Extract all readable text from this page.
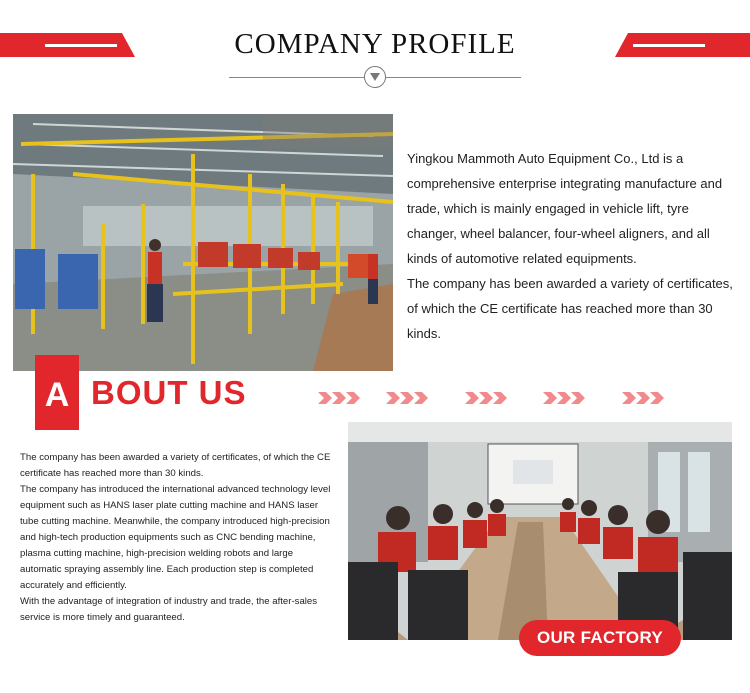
COMPANY PROFILE

Yingkou Mammoth Auto Equipment Co., Ltd is a comprehensive enterprise integrating manufacture and trade, which is mainly engaged in vehicle lift, tyre changer, wheel balancer, four-wheel aligners, and all kinds of automotive related equipments.

The company has been awarded a variety of certificates, of which the CE certificate has reached more than 30 kinds.

A BOUT US

The company has been awarded a variety of certificates, of which the CE certificate has reached more than 30 kinds.

The company has introduced the international advanced technology level equipment such as HANS laser plate cutting machine and HANS laser tube cutting machine. Meanwhile, the company introduced high-precision and high-tech production equipments such as CNC bending machine, plasma cutting machine, high-precision welding robots and large automatic spraying assembly line. Each production step is completed accurately and efficiently.

With the advantage of integration of industry and trade, the after-sales service is more timely and guaranteed.

OUR FACTORY
